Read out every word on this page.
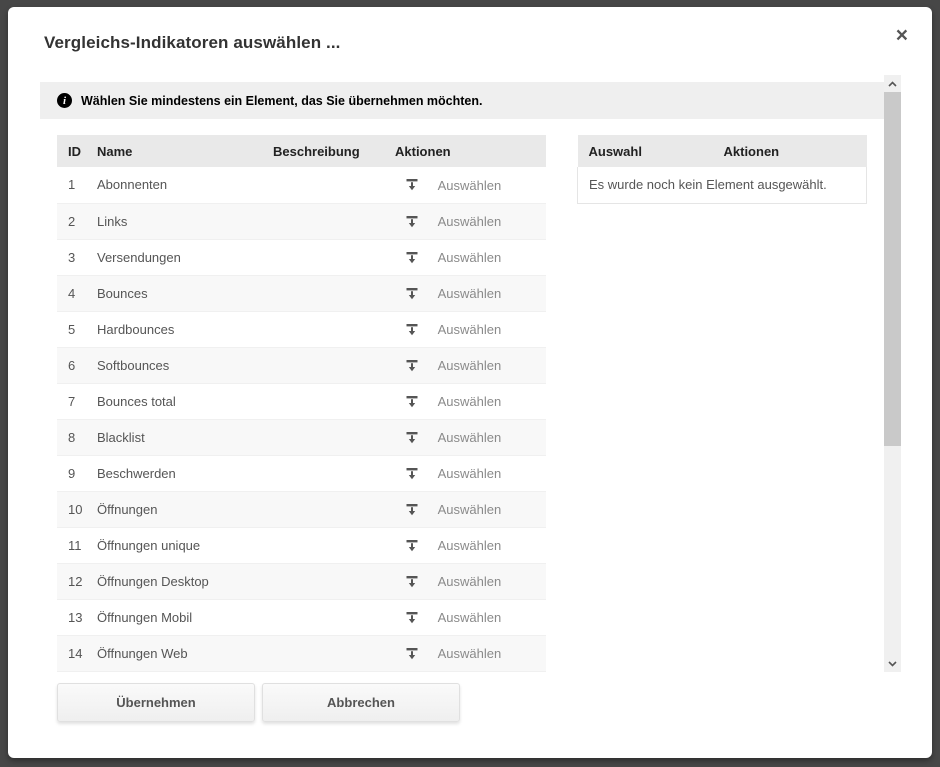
Vergleichs-Indikatoren auswählen ...	×
i	Wählen Sie mindestens ein Element, das Sie übernehmen möchten.
ID	Name	Beschreibung	Aktionen
1	Abonnenten		Auswählen
2	Links		Auswählen
3	Versendungen		Auswählen
4	Bounces		Auswählen
5	Hardbounces		Auswählen
6	Softbounces		Auswählen
7	Bounces total		Auswählen
8	Blacklist		Auswählen
9	Beschwerden		Auswählen
10	Öffnungen		Auswählen
11	Öffnungen unique		Auswählen
12	Öffnungen Desktop		Auswählen
13	Öffnungen Mobil		Auswählen
14	Öffnungen Web		Auswählen
Auswahl	Aktionen
Es wurde noch kein Element ausgewählt.
Übernehmen	Abbrechen
